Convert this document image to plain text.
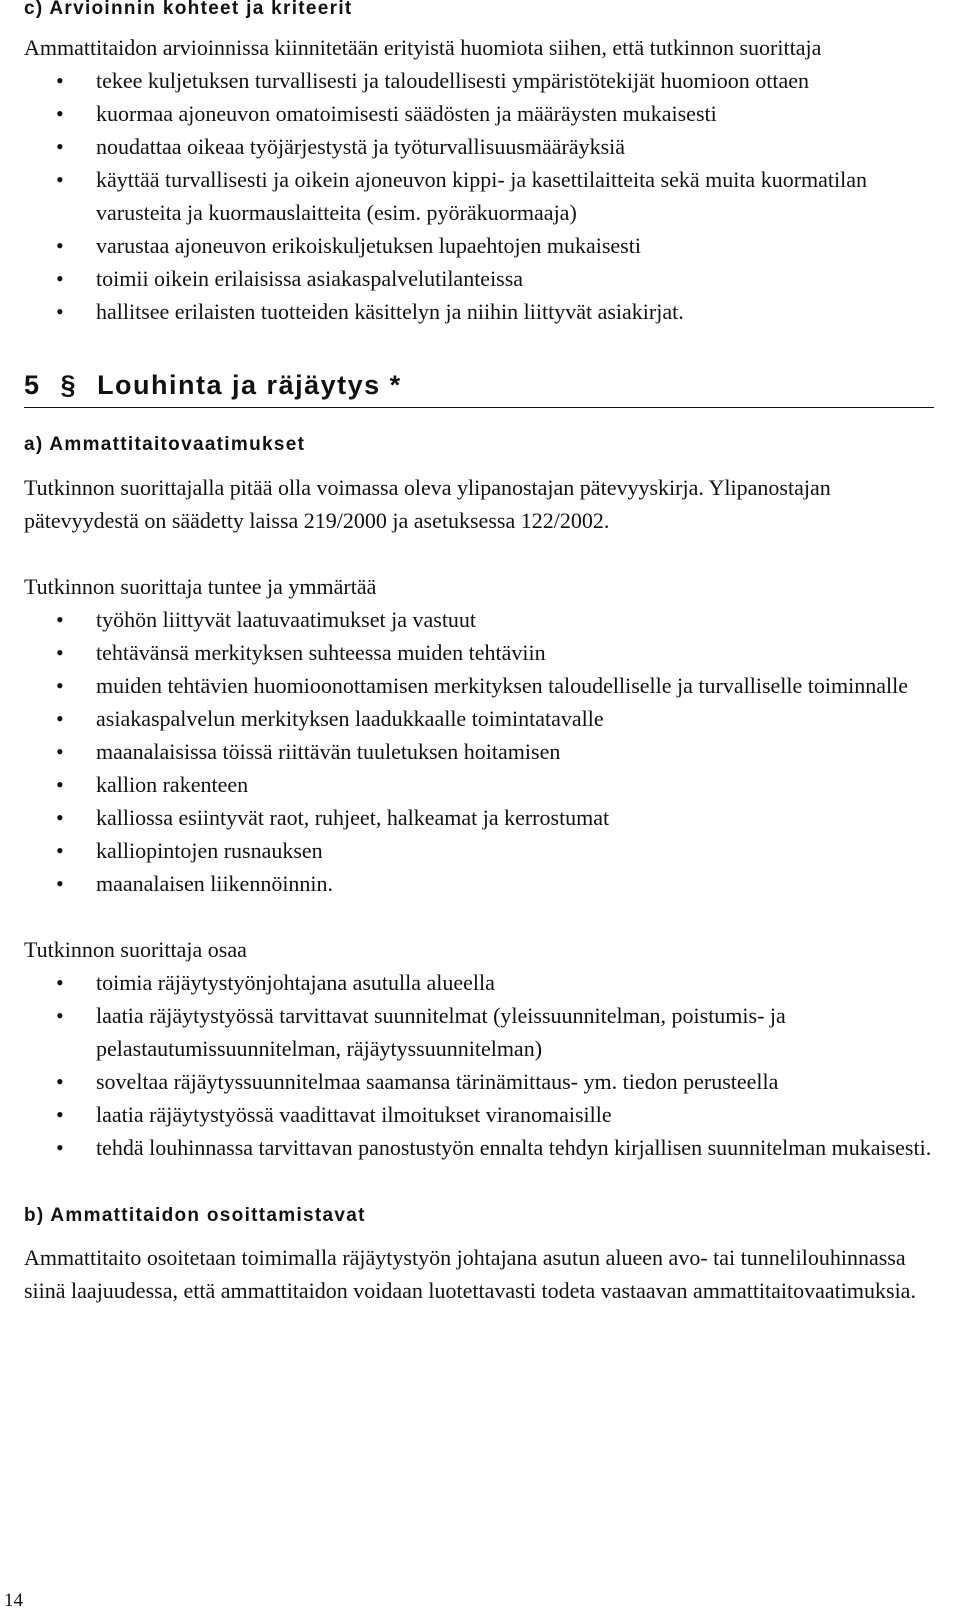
c) Arvioinnin kohteet ja kriteerit

Ammattitaidon arvioinnissa kiinnitetään erityistä huomiota siihen, että tutkinnon suorittaja

• tekee kuljetuksen turvallisesti ja taloudellisesti ympäristötekijät huomioon ottaen
• kuormaa ajoneuvon omatoimisesti säädösten ja määräysten mukaisesti
• noudattaa oikeaa työjärjestystä ja työturvallisuusmääräyksiä
• käyttää turvallisesti ja oikein ajoneuvon kippi- ja kasettilaitteita sekä muita kuormatilan varusteita ja kuormauslaitteita (esim. pyöräkuormaaja)
• varustaa ajoneuvon erikoiskuljetuksen lupaehtojen mukaisesti
• toimii oikein erilaisissa asiakaspalvelutilanteissa
• hallitsee erilaisten tuotteiden käsittelyn ja niihin liittyvät asiakirjat.
5 § Louhinta ja räjäytys *
a) Ammattitaitovaatimukset

Tutkinnon suorittajalla pitää olla voimassa oleva ylipanostajan pätevyyskirja. Ylipanostajan pätevyydestä on säädetty laissa 219/2000 ja asetuksessa 122/2002.

Tutkinnon suorittaja tuntee ja ymmärtää

• työhön liittyvät laatuvaatimukset ja vastuut
• tehtävänsä merkityksen suhteessa muiden tehtäviin
• muiden tehtävien huomioonottamisen merkityksen taloudelliselle ja turvalliselle toiminnalle
• asiakaspalvelun merkityksen laadukkaalle toimintatavalle
• maanalaisissa töissä riittävän tuuletuksen hoitamisen
• kallion rakenteen
• kalliossa esiintyvät raot, ruhjeet, halkeamat ja kerrostumat
• kalliopintojen rusnauksen
• maanalaisen liikennöinnin.

Tutkinnon suorittaja osaa

• toimia räjäytystyönjohtajana asutulla alueella
• laatia räjäytystyössä tarvittavat suunnitelmat (yleissuunnitelman, poistumis- ja pelastautumissuunnitelman, räjäytyssuunnitelman)
• soveltaa räjäytyssuunnitelmaa saamansa tärinämittaus- ym. tiedon perusteella
• laatia räjäytystyössä vaadittavat ilmoitukset viranomaisille
• tehdä louhinnassa tarvittavan panostustyön ennalta tehdyn kirjallisen suunnitelman mukaisesti.
b) Ammattitaidon osoittamistavat

Ammattitaito osoitetaan toimimalla räjäytystyön johtajana asutun alueen avo- tai tunnelilouhinnassa siinä laajuudessa, että ammattitaidon voidaan luotettavasti todeta vastaavan ammattitaitovaatimuksia.

14
